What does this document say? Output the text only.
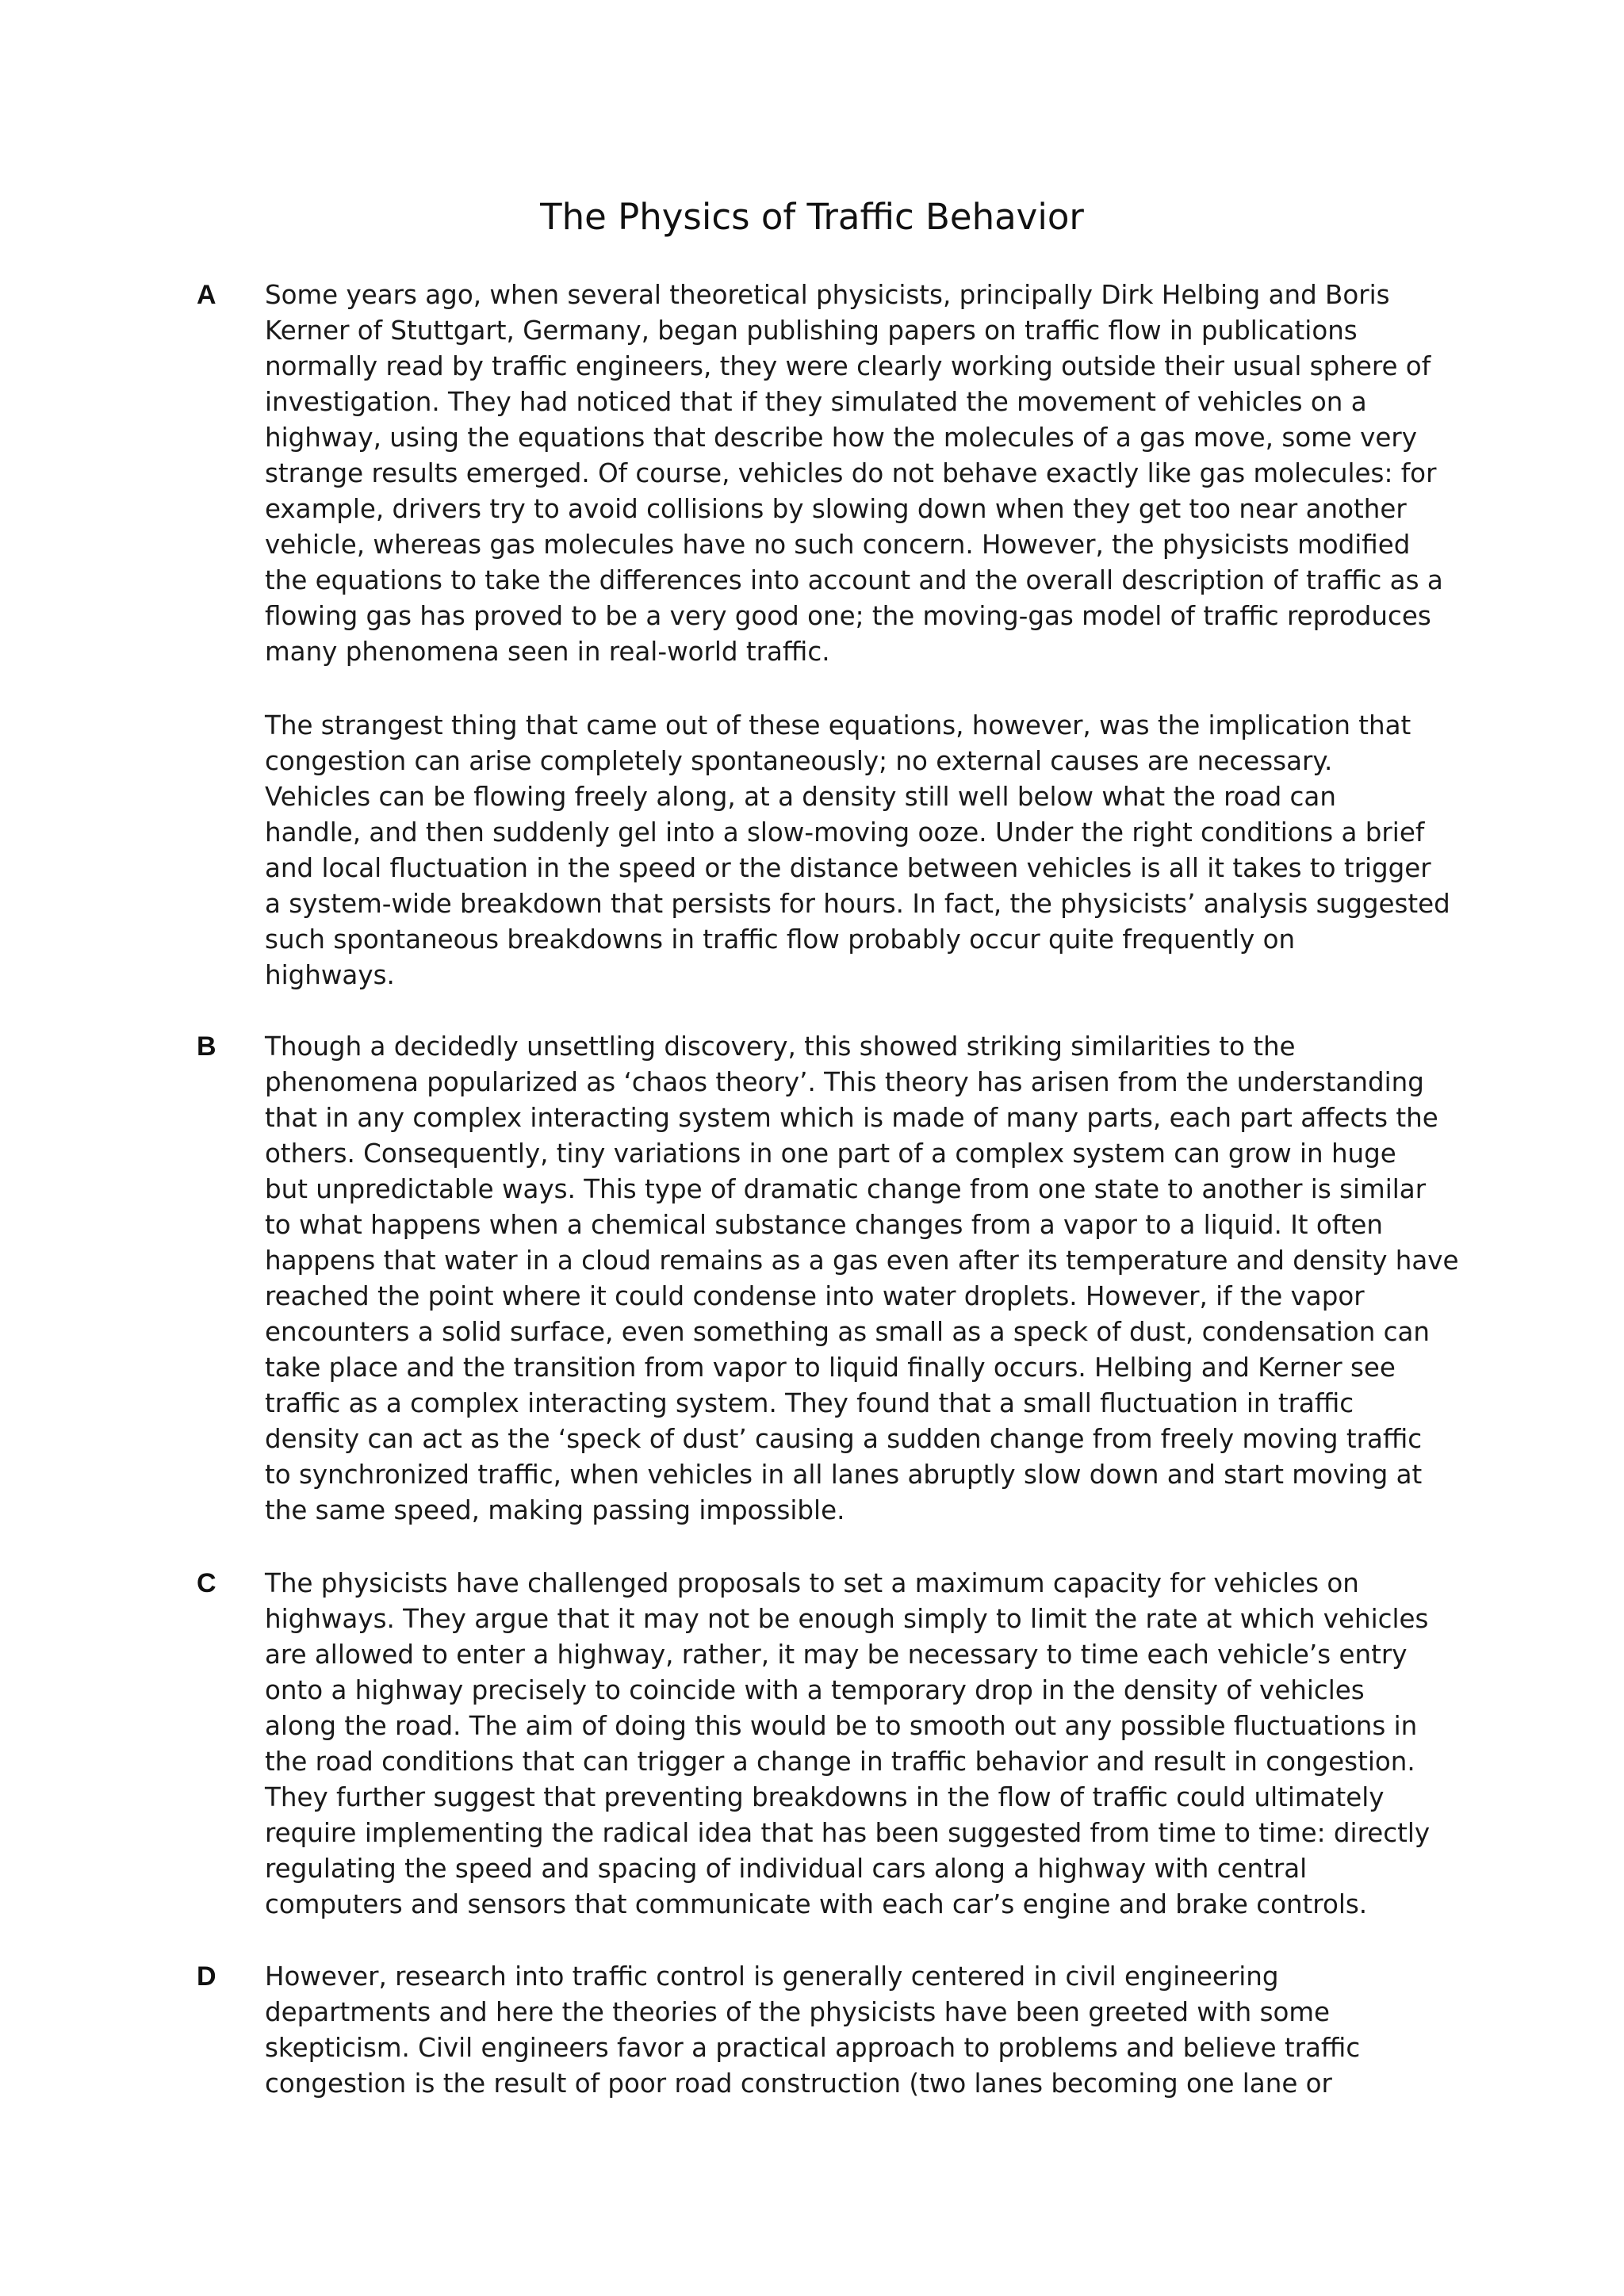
The Physics of Traffic Behavior
A Some years ago, when several theoretical physicists, principally Dirk Helbing and Boris
Kerner of Stuttgart, Germany, began publishing papers on traffic flow in publications
normally read by traffic engineers, they were clearly working outside their usual sphere of
investigation. They had noticed that if they simulated the movement of vehicles on a
highway, using the equations that describe how the molecules of a gas move, some very
strange results emerged. Of course, vehicles do not behave exactly like gas molecules: for
example, drivers try to avoid collisions by slowing down when they get too near another
vehicle, whereas gas molecules have no such concern. However, the physicists modified
the equations to take the differences into account and the overall description of traffic as a
flowing gas has proved to be a very good one; the moving-gas model of traffic reproduces
many phenomena seen in real-world traffic.

The strangest thing that came out of these equations, however, was the implication that
congestion can arise completely spontaneously; no external causes are necessary.
Vehicles can be flowing freely along, at a density still well below what the road can
handle, and then suddenly gel into a slow-moving ooze. Under the right conditions a brief
and local fluctuation in the speed or the distance between vehicles is all it takes to trigger
a system-wide breakdown that persists for hours. In fact, the physicists’ analysis suggested
such spontaneous breakdowns in traffic flow probably occur quite frequently on
highways.

B Though a decidedly unsettling discovery, this showed striking similarities to the
phenomena popularized as ‘chaos theory’. This theory has arisen from the understanding
that in any complex interacting system which is made of many parts, each part affects the
others. Consequently, tiny variations in one part of a complex system can grow in huge
but unpredictable ways. This type of dramatic change from one state to another is similar
to what happens when a chemical substance changes from a vapor to a liquid. It often
happens that water in a cloud remains as a gas even after its temperature and density have
reached the point where it could condense into water droplets. However, if the vapor
encounters a solid surface, even something as small as a speck of dust, condensation can
take place and the transition from vapor to liquid finally occurs. Helbing and Kerner see
traffic as a complex interacting system. They found that a small fluctuation in traffic
density can act as the ‘speck of dust’ causing a sudden change from freely moving traffic
to synchronized traffic, when vehicles in all lanes abruptly slow down and start moving at
the same speed, making passing impossible.

C The physicists have challenged proposals to set a maximum capacity for vehicles on
highways. They argue that it may not be enough simply to limit the rate at which vehicles
are allowed to enter a highway, rather, it may be necessary to time each vehicle’s entry
onto a highway precisely to coincide with a temporary drop in the density of vehicles
along the road. The aim of doing this would be to smooth out any possible fluctuations in
the road conditions that can trigger a change in traffic behavior and result in congestion.
They further suggest that preventing breakdowns in the flow of traffic could ultimately
require implementing the radical idea that has been suggested from time to time: directly
regulating the speed and spacing of individual cars along a highway with central
computers and sensors that communicate with each car’s engine and brake controls.

D However, research into traffic control is generally centered in civil engineering
departments and here the theories of the physicists have been greeted with some
skepticism. Civil engineers favor a practical approach to problems and believe traffic
congestion is the result of poor road construction (two lanes becoming one lane or
